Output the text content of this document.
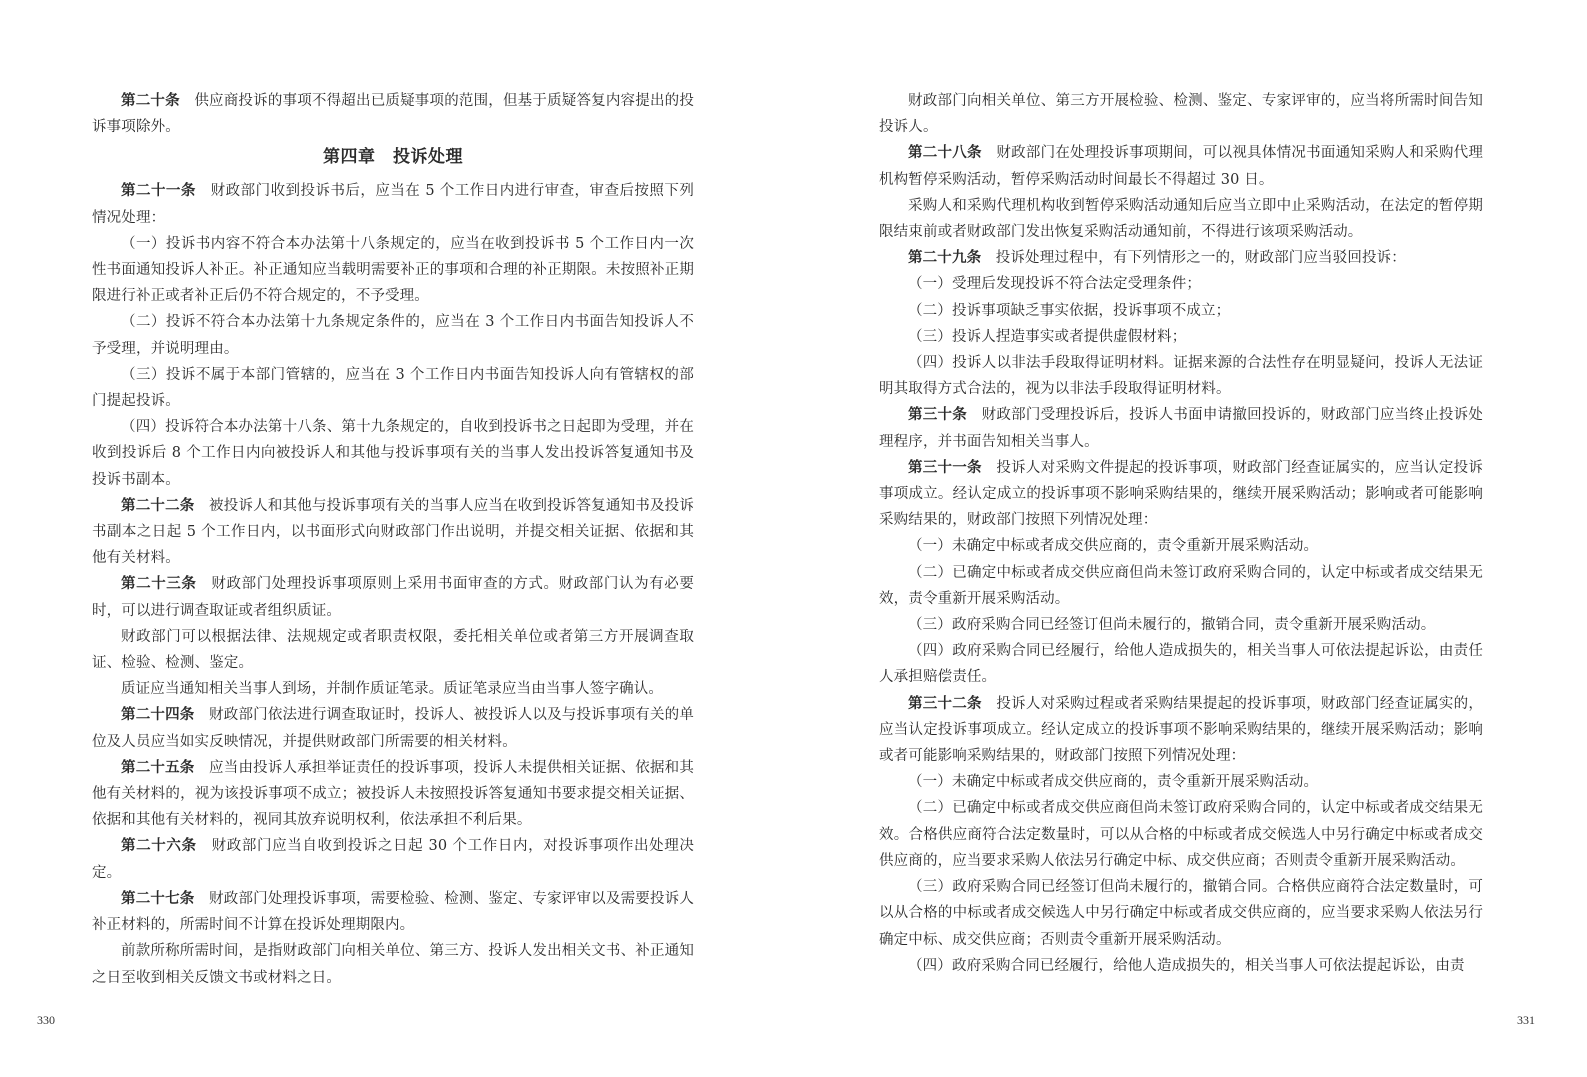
第二十条 供应商投诉的事项不得超出已质疑事项的范围，但基于质疑答复内容提出的投诉事项除外。

第四章　投诉处理

第二十一条 财政部门收到投诉书后，应当在 5 个工作日内进行审查，审查后按照下列情况处理：

（一）投诉书内容不符合本办法第十八条规定的，应当在收到投诉书 5 个工作日内一次性书面通知投诉人补正。补正通知应当载明需要补正的事项和合理的补正期限。未按照补正期限进行补正或者补正后仍不符合规定的，不予受理。

（二）投诉不符合本办法第十九条规定条件的，应当在 3 个工作日内书面告知投诉人不予受理，并说明理由。

（三）投诉不属于本部门管辖的，应当在 3 个工作日内书面告知投诉人向有管辖权的部门提起投诉。

（四）投诉符合本办法第十八条、第十九条规定的，自收到投诉书之日起即为受理，并在收到投诉后 8 个工作日内向被投诉人和其他与投诉事项有关的当事人发出投诉答复通知书及投诉书副本。

第二十二条 被投诉人和其他与投诉事项有关的当事人应当在收到投诉答复通知书及投诉书副本之日起 5 个工作日内，以书面形式向财政部门作出说明，并提交相关证据、依据和其他有关材料。

第二十三条 财政部门处理投诉事项原则上采用书面审查的方式。财政部门认为有必要时，可以进行调查取证或者组织质证。

财政部门可以根据法律、法规规定或者职责权限，委托相关单位或者第三方开展调查取证、检验、检测、鉴定。

质证应当通知相关当事人到场，并制作质证笔录。质证笔录应当由当事人签字确认。

第二十四条 财政部门依法进行调查取证时，投诉人、被投诉人以及与投诉事项有关的单位及人员应当如实反映情况，并提供财政部门所需要的相关材料。

第二十五条 应当由投诉人承担举证责任的投诉事项，投诉人未提供相关证据、依据和其他有关材料的，视为该投诉事项不成立；被投诉人未按照投诉答复通知书要求提交相关证据、依据和其他有关材料的，视同其放弃说明权利，依法承担不利后果。

第二十六条 财政部门应当自收到投诉之日起 30 个工作日内，对投诉事项作出处理决定。

第二十七条 财政部门处理投诉事项，需要检验、检测、鉴定、专家评审以及需要投诉人补正材料的，所需时间不计算在投诉处理期限内。

前款所称所需时间，是指财政部门向相关单位、第三方、投诉人发出相关文书、补正通知之日至收到相关反馈文书或材料之日。

330

财政部门向相关单位、第三方开展检验、检测、鉴定、专家评审的，应当将所需时间告知投诉人。

第二十八条 财政部门在处理投诉事项期间，可以视具体情况书面通知采购人和采购代理机构暂停采购活动，暂停采购活动时间最长不得超过 30 日。

采购人和采购代理机构收到暂停采购活动通知后应当立即中止采购活动，在法定的暂停期限结束前或者财政部门发出恢复采购活动通知前，不得进行该项采购活动。

第二十九条 投诉处理过程中，有下列情形之一的，财政部门应当驳回投诉：

（一）受理后发现投诉不符合法定受理条件；

（二）投诉事项缺乏事实依据，投诉事项不成立；

（三）投诉人捏造事实或者提供虚假材料；

（四）投诉人以非法手段取得证明材料。证据来源的合法性存在明显疑问，投诉人无法证明其取得方式合法的，视为以非法手段取得证明材料。

第三十条 财政部门受理投诉后，投诉人书面申请撤回投诉的，财政部门应当终止投诉处理程序，并书面告知相关当事人。

第三十一条 投诉人对采购文件提起的投诉事项，财政部门经查证属实的，应当认定投诉事项成立。经认定成立的投诉事项不影响采购结果的，继续开展采购活动；影响或者可能影响采购结果的，财政部门按照下列情况处理：

（一）未确定中标或者成交供应商的，责令重新开展采购活动。

（二）已确定中标或者成交供应商但尚未签订政府采购合同的，认定中标或者成交结果无效，责令重新开展采购活动。

（三）政府采购合同已经签订但尚未履行的，撤销合同，责令重新开展采购活动。

（四）政府采购合同已经履行，给他人造成损失的，相关当事人可依法提起诉讼，由责任人承担赔偿责任。

第三十二条 投诉人对采购过程或者采购结果提起的投诉事项，财政部门经查证属实的，应当认定投诉事项成立。经认定成立的投诉事项不影响采购结果的，继续开展采购活动；影响或者可能影响采购结果的，财政部门按照下列情况处理：

（一）未确定中标或者成交供应商的，责令重新开展采购活动。

（二）已确定中标或者成交供应商但尚未签订政府采购合同的，认定中标或者成交结果无效。合格供应商符合法定数量时，可以从合格的中标或者成交候选人中另行确定中标或者成交供应商的，应当要求采购人依法另行确定中标、成交供应商；否则责令重新开展采购活动。

（三）政府采购合同已经签订但尚未履行的，撤销合同。合格供应商符合法定数量时，可以从合格的中标或者成交候选人中另行确定中标或者成交供应商的，应当要求采购人依法另行确定中标、成交供应商；否则责令重新开展采购活动。

（四）政府采购合同已经履行，给他人造成损失的，相关当事人可依法提起诉讼，由责

331
